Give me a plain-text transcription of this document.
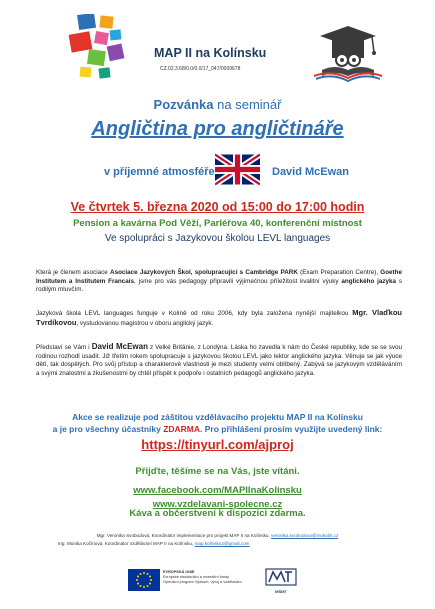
MAP II na Kolínsku
CZ.02.3.68/0.0/0.0/17_047/0009678
MAP
Pozvánka na seminář
Angličtina pro angličtináře
v příjemné atmosféře	David McEwan
Ve čtvrtek 5. března 2020 od 15:00 do 17:00 hodin
Pension a kavárna Pod Věží, Parléřova 40, konferenční místnost
Ve spolupráci s Jazykovou školou LEVL languages
Která je členem asociace Asociace Jazykových Škol, spolupracující s Cambridge PARK (Exam Preparation Centre), Goethe Institutem a Institutem Francais, jsme pro vás pedagogy připravili výjimečnou příležitost kvalitní výuky anglického jazyka s rodilým mluvčím.
Jazyková škola LEVL languages funguje v Kolíně od roku 2006, kdy byla založena nynější majitelkou Mgr. Vlaďkou Tvrdíkovou, vystudovanou magistrou v oboru anglický jazyk.
Představí se Vám i David McEwan z Velké Británie, z Londýna. Láska ho zavedla k nám do České republiky, kde se se svou rodinou rozhodl usadit. Již třetím rokem spolupracuje s jazykovou školou LEVL jako lektor anglického jazyka. Věnuje se jak výuce dětí, tak dospělých. Pro svůj přístup a charakterové vlastnosti je mezi studenty velmi oblíbený. Zabývá se jazykovým vzděláváním a svými znalostmi a zkušenostmi by chtěl přispět k podpoře i ostatních pedagogů anglického jazyka.
Akce se realizuje pod záštitou vzdělávacího projektu MAP II na Kolínsku
a je pro všechny účastníky ZDARMA. Pro přihlášení prosím využijte uvedený link:
https://tinyurl.com/ajproj
Přijďte, těšíme se na Vás, jste vítáni.
www.facebook.com/MAPIInaKolinsku
www.vzdelavani-spolecne.cz
Káva a občerstvení k dispozici zdarma.
Mgr. Veronika Svobodová, Koordinátor implementace pro projekt MAP II na Kolínsku, veronika.svobodova@mukolin.cz
Ing. Monika Kočínová, Koordinátor vzdělávání MAP II na Kolínsku, map.kolinsko2@gmail.com
EVROPSKÁ UNIE
Evropské strukturální a investiční fondy
Operační program Výzkum, vývoj a vzdělávání
MŠMT
